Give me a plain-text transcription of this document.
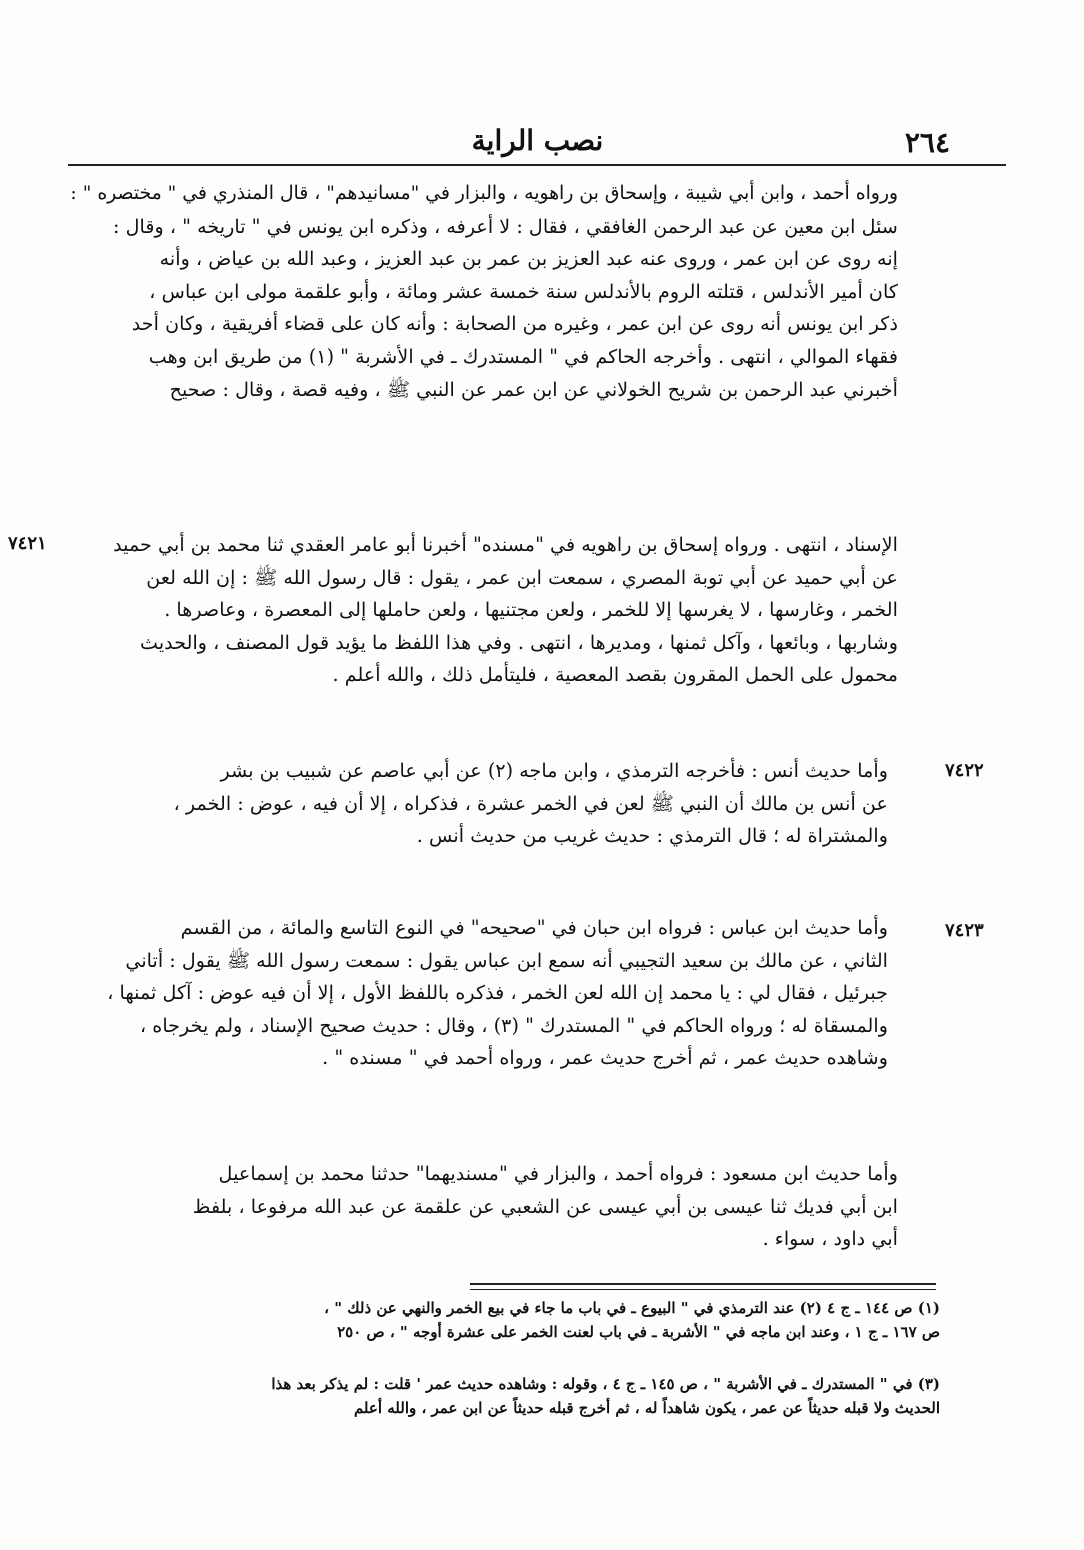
٢٦٤
نصب الراية
ورواه أحمد ، وابن أبي شيبة ، وإسحاق بن راهويه ، والبزار في "مسانيدهم" ، قال المنذري في " مختصره " :
سئل ابن معين عن عبد الرحمن الغافقي ، فقال : لا أعرفه ، وذكره ابن يونس في " تاريخه " ، وقال :
إنه روى عن ابن عمر ، وروى عنه عبد العزيز بن عمر بن عبد العزيز ، وعبد الله بن عياض ، وأنه
كان أمير الأندلس ، قتلته الروم بالأندلس سنة خمسة عشر ومائة ، وأبو علقمة مولى ابن عباس ،
ذكر ابن يونس أنه روى عن ابن عمر ، وغيره من الصحابة : وأنه كان على قضاء أفريقية ، وكان أحد
فقهاء الموالي ، انتهى . وأخرجه الحاكم في " المستدرك ـ في الأشربة " (١) من طريق ابن وهب
أخبرني عبد الرحمن بن شريح الخولاني عن ابن عمر عن النبي ﷺ ، وفيه قصة ، وقال : صحيح
٧٤٢١	الإسناد ، انتهى . ورواه إسحاق بن راهويه في "مسنده" أخبرنا أبو عامر العقدي ثنا محمد بن أبي حميد
عن أبي حميد عن أبي توبة المصري ، سمعت ابن عمر ، يقول : قال رسول الله ﷺ : إن الله لعن
الخمر ، وغارسها ، لا يغرسها إلا للخمر ، ولعن مجتنيها ، ولعن حاملها إلى المعصرة ، وعاصرها .
وشاربها ، وبائعها ، وآكل ثمنها ، ومديرها ، انتهى . وفي هذا اللفظ ما يؤيد قول المصنف ، والحديث
محمول على الحمل المقرون بقصد المعصية ، فليتأمل ذلك ، والله أعلم .
٧٤٢٢
وأما حديث أنس : فأخرجه الترمذي ، وابن ماجه (٢) عن أبي عاصم عن شبيب بن بشر
عن أنس بن مالك أن النبي ﷺ لعن في الخمر عشرة ، فذكراه ، إلا أن فيه ، عوض : الخمر ،
والمشتراة له ؛ قال الترمذي : حديث غريب من حديث أنس .
٧٤٢٣
وأما حديث ابن عباس : فرواه ابن حبان في "صحيحه" في النوع التاسع والمائة ، من القسم
الثاني ، عن مالك بن سعيد التجيبي أنه سمع ابن عباس يقول : سمعت رسول الله ﷺ يقول : أتاني
جبرئيل ، فقال لي : يا محمد إن الله لعن الخمر ، فذكره باللفظ الأول ، إلا أن فيه عوض : آكل ثمنها ،
والمسقاة له ؛ ورواه الحاكم في " المستدرك " (٣) ، وقال : حديث صحيح الإسناد ، ولم يخرجاه ،
وشاهده حديث عمر ، ثم أخرج حديث عمر ، ورواه أحمد في " مسنده " .
وأما حديث ابن مسعود : فرواه أحمد ، والبزار في "مسنديهما" حدثنا محمد بن إسماعيل
ابن أبي فديك ثنا عيسى بن أبي عيسى عن الشعبي عن علقمة عن عبد الله مرفوعا ، بلفظ
أبي داود ، سواء .
(١) ص ١٤٤ ـ ج ٤ (٢) عند الترمذي في " البيوع ـ في باب ما جاء في بيع الخمر والنهي عن ذلك " ،
ص ١٦٧ ـ ج ١ ، وعند ابن ماجه في " الأشربة ـ في باب لعنت الخمر على عشرة أوجه " ، ص ٢٥٠
(٣) في " المستدرك ـ في الأشربة " ، ص ١٤٥ ـ ج ٤ ، وقوله : وشاهده حديث عمر ' قلت : لم يذكر بعد هذا
الحديث ولا قبله حديثاً عن عمر ، يكون شاهداً له ، ثم أخرج قبله حديثاً عن ابن عمر ، والله أعلم
